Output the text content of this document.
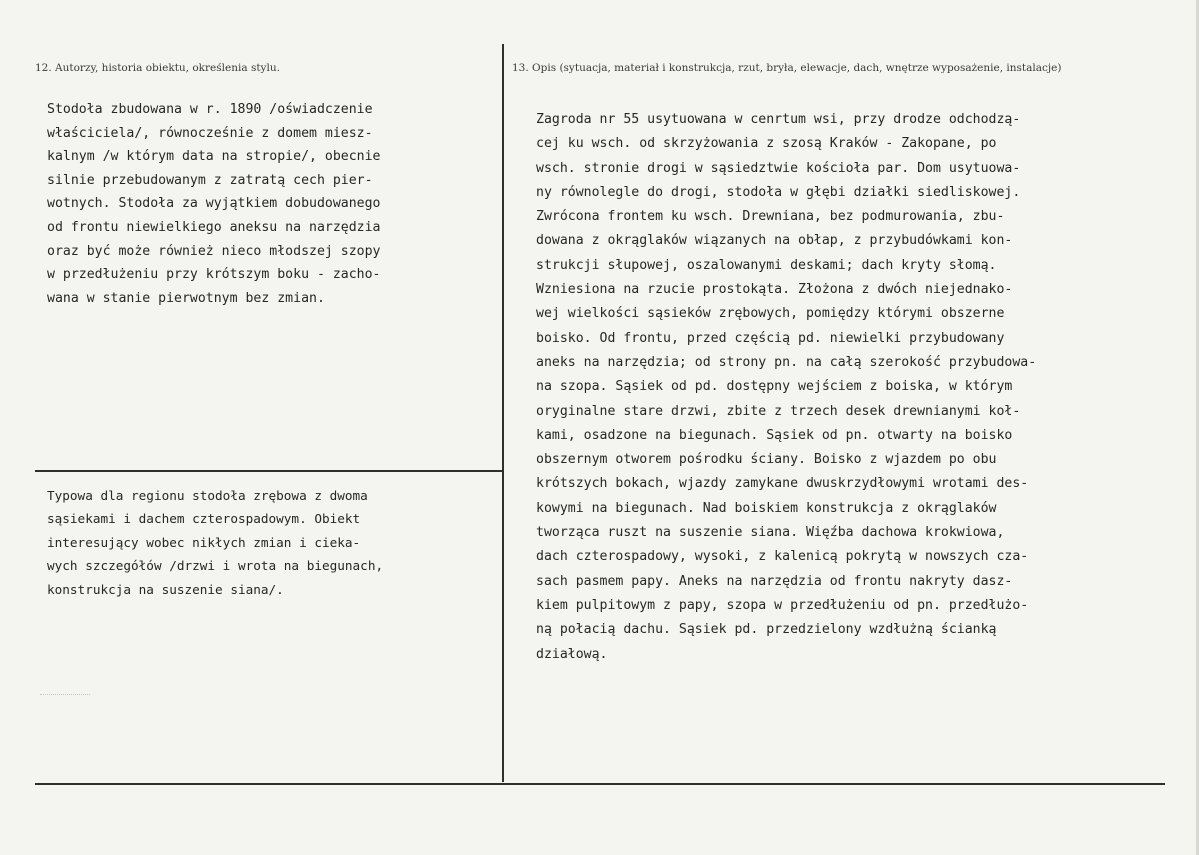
12. Autorzy, historia obiektu, określenia stylu.	13. Opis (sytuacja, materiał i konstrukcja, rzut, bryła, elewacje, dach, wnętrze wyposażenie, instalacje)
Stodoła zbudowana w r. 1890 /oświadczenie
właściciela/, równocześnie z domem miesz-
kalnym /w którym data na stropie/, obecnie
silnie przebudowanym z zatratą cech pier-
wotnych. Stodoła za wyjątkiem dobudowanego
od frontu niewielkiego aneksu na narzędzia
oraz być może również nieco młodszej szopy
w przedłużeniu przy krótszym boku - zacho-
wana w stanie pierwotnym bez zmian.
Typowa dla regionu stodoła zrębowa z dwoma
sąsiekami i dachem czterospadowym. Obiekt
interesujący wobec nikłych zmian i cieka-
wych szczegółów /drzwi i wrota na biegunach,
konstrukcja na suszenie siana/.
Zagroda nr 55 usytuowana w cenrtum wsi, przy drodze odchodzą-
cej ku wsch. od skrzyżowania z szosą Kraków - Zakopane, po
wsch. stronie drogi w sąsiedztwie kościoła par. Dom usytuowa-
ny równolegle do drogi, stodoła w głębi działki siedliskowej.
Zwrócona frontem ku wsch. Drewniana, bez podmurowania, zbu-
dowana z okrąglaków wiązanych na obłap, z przybudówkami kon-
strukcji słupowej, oszalowanymi deskami; dach kryty słomą.
Wzniesiona na rzucie prostokąta. Złożona z dwóch niejednako-
wej wielkości sąsieków zrębowych, pomiędzy którymi obszerne
boisko. Od frontu, przed częścią pd. niewielki przybudowany
aneks na narzędzia; od strony pn. na całą szerokość przybudowa-
na szopa. Sąsiek od pd. dostępny wejściem z boiska, w którym
oryginalne stare drzwi, zbite z trzech desek drewnianymi koł-
kami, osadzone na biegunach. Sąsiek od pn. otwarty na boisko
obszernym otworem pośrodku ściany. Boisko z wjazdem po obu
krótszych bokach, wjazdy zamykane dwuskrzydłowymi wrotami des-
kowymi na biegunach. Nad boiskiem konstrukcja z okrąglaków
tworząca ruszt na suszenie siana. Więźba dachowa krokwiowa,
dach czterospadowy, wysoki, z kalenicą pokrytą w nowszych cza-
sach pasmem papy. Aneks na narzędzia od frontu nakryty dasz-
kiem pulpitowym z papy, szopa w przedłużeniu od pn. przedłużo-
ną połacią dachu. Sąsiek pd. przedzielony wzdłużną ścianką
działową.
